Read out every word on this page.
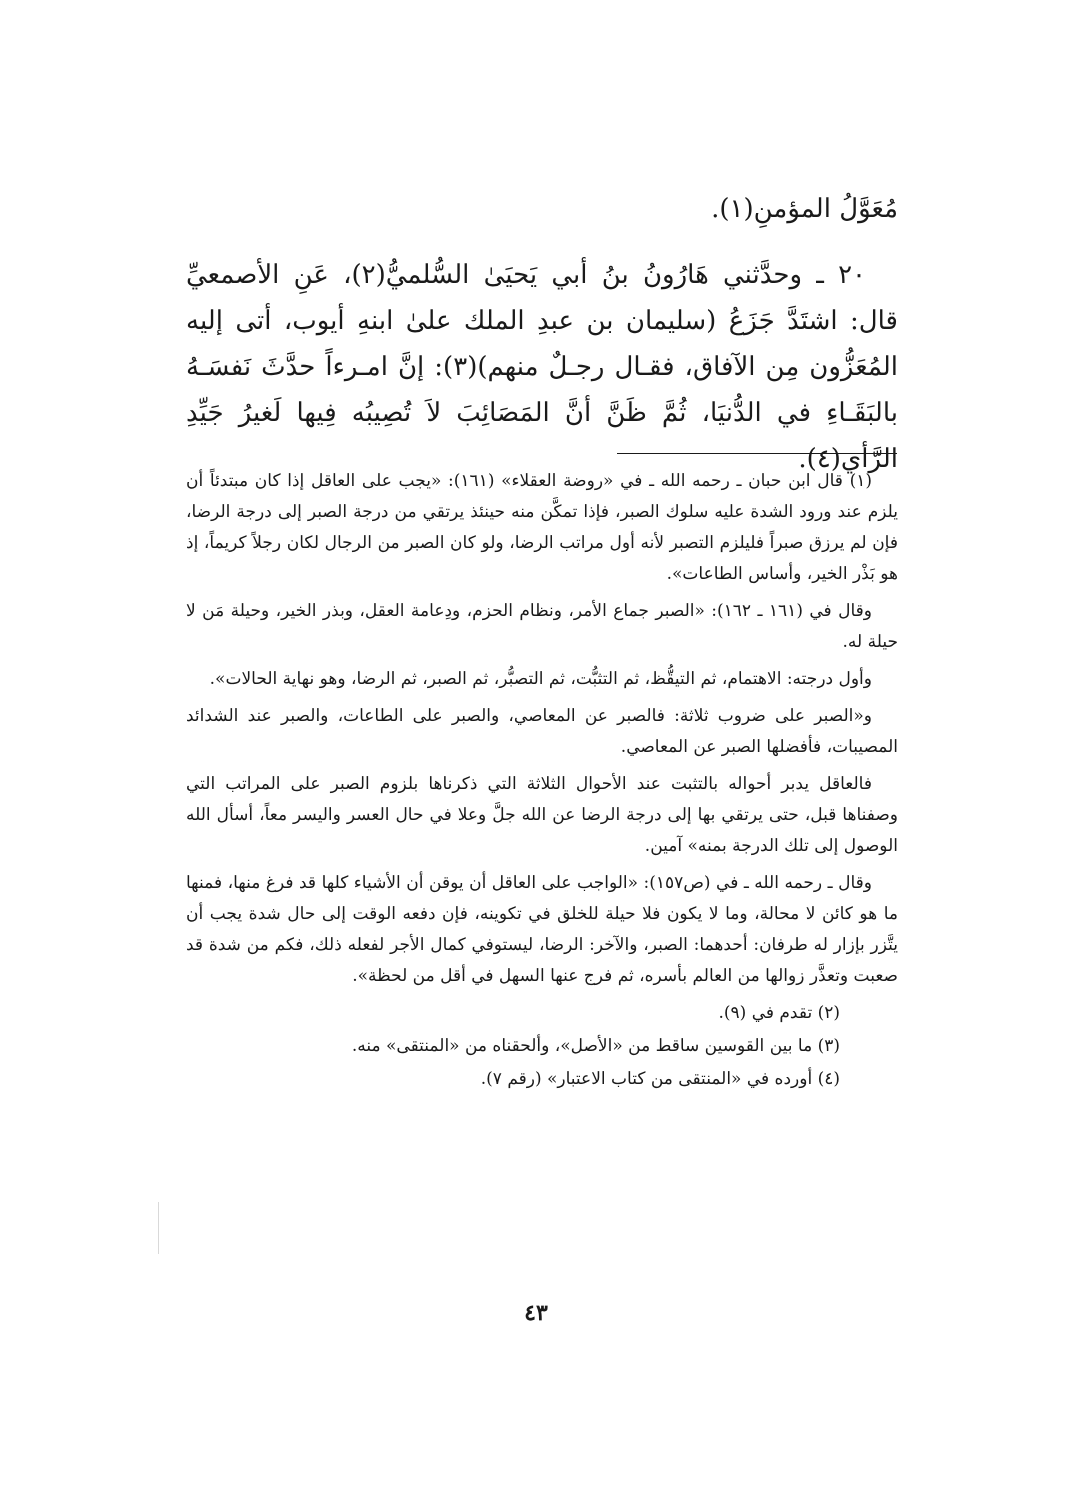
مُعَوَّلُ المؤمنِ(١).

٢٠ ـ وحدَّثني هَارُونُ بنُ أبي يَحيَىٰ السُّلميُّ(٢)، عَنِ الأصمعيِّ قال: اشتَدَّ جَزَعُ (سليمان بن عبدِ الملك علىٰ ابنهِ أيوب، أتى إليه المُعَزُّون مِن الآفاق، فقـال رجـلٌ منهم)(٣): إنَّ امـرءاً حدَّثَ نَفسَـهُ بالبَقَـاءِ في الدُّنيَا، ثُمَّ ظَنَّ أنَّ المَصَائِبَ لاَ تُصِيبُه فِيها لَغيرُ جَيِّدِ الرَّأي(٤).

(١) قال ابن حبان ـ رحمه الله ـ في «روضة العقلاء» (١٦١): «يجب على العاقل إذا كان مبتدئاً أن يلزم عند ورود الشدة عليه سلوك الصبر، فإذا تمكَّن منه حينئذ يرتقي من درجة الصبر إلى درجة الرضا، فإن لم يرزق صبراً فليلزم التصبر لأنه أول مراتب الرضا، ولو كان الصبر من الرجال لكان رجلاً كريماً، إذ هو بَذْر الخير، وأساس الطاعات».

وقال في (١٦١ ـ ١٦٢): «الصبر جماع الأمر، ونظام الحزم، ودِعامة العقل، وبذر الخير، وحيلة مَن لا حيلة له.

وأول درجته: الاهتمام، ثم التيقُّظ، ثم التثبُّت، ثم التصبُّر، ثم الصبر، ثم الرضا، وهو نهاية الحالات».

و«الصبر على ضروب ثلاثة: فالصبر عن المعاصي، والصبر على الطاعات، والصبر عند الشدائد المصيبات، فأفضلها الصبر عن المعاصي.

فالعاقل يدبر أحواله بالتثبت عند الأحوال الثلاثة التي ذكرناها بلزوم الصبر على المراتب التي وصفناها قبل، حتى يرتقي بها إلى درجة الرضا عن الله جلَّ وعلا في حال العسر واليسر معاً، أسأل الله الوصول إلى تلك الدرجة بمنه» آمين.

وقال ـ رحمه الله ـ في (ص١٥٧): «الواجب على العاقل أن يوقن أن الأشياء كلها قد فرغ منها، فمنها ما هو كائن لا محالة، وما لا يكون فلا حيلة للخلق في تكوينه، فإن دفعه الوقت إلى حال شدة يجب أن يتَّزر بإزار له طرفان: أحدهما: الصبر، والآخر: الرضا، ليستوفي كمال الأجر لفعله ذلك، فكم من شدة قد صعبت وتعذَّر زوالها من العالم بأسره، ثم فرج عنها السهل في أقل من لحظة».

(٢) تقدم في (٩).

(٣) ما بين القوسين ساقط من «الأصل»، وألحقناه من «المنتقى» منه.

(٤) أورده في «المنتقى من كتاب الاعتبار» (رقم ٧).

٤٣
